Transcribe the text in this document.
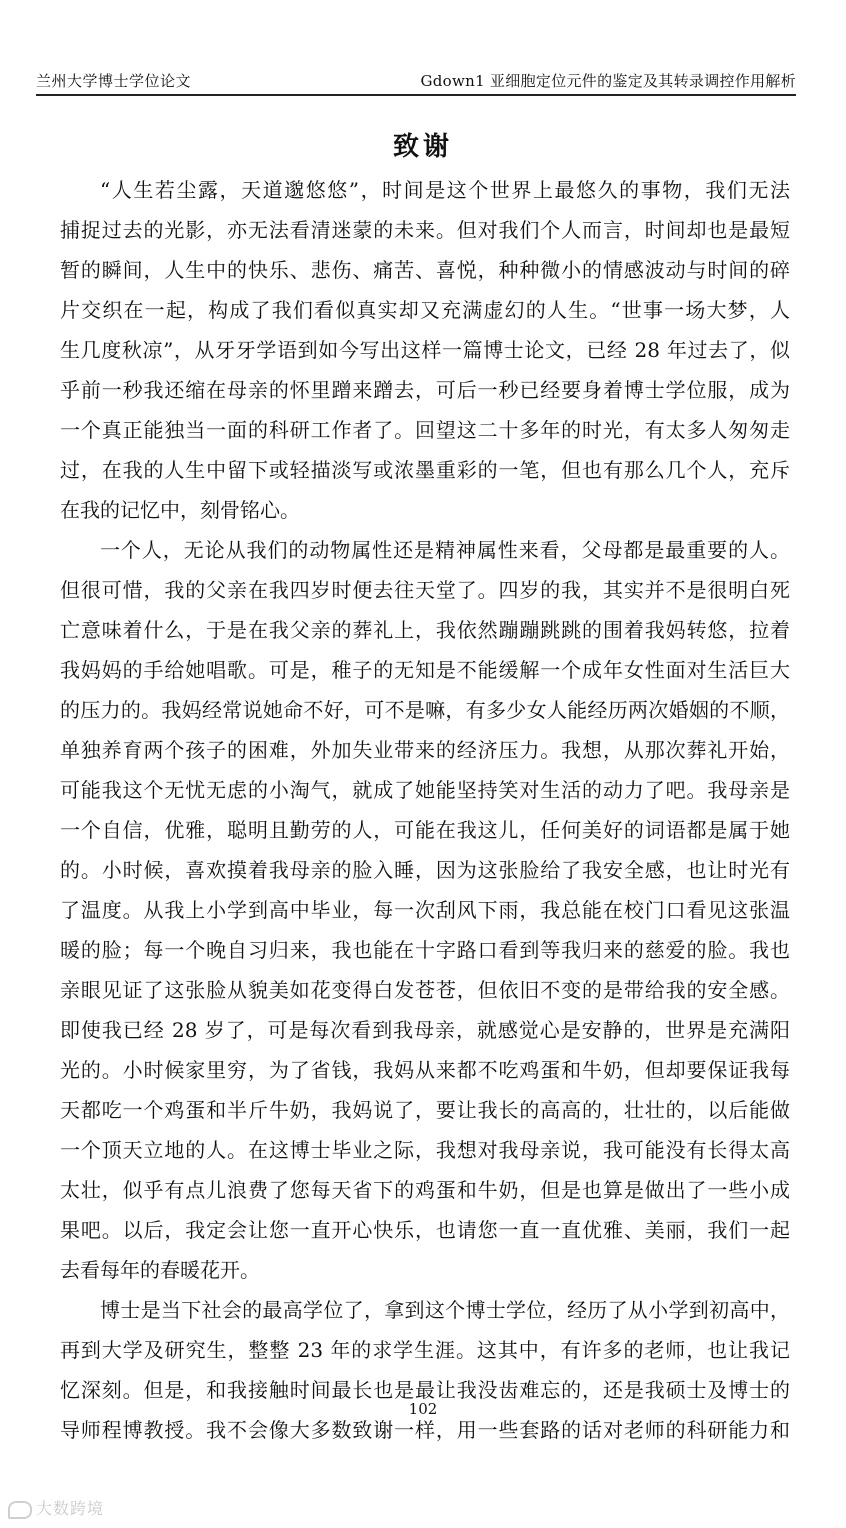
兰州大学博士学位论文	Gdown1 亚细胞定位元件的鉴定及其转录调控作用解析
致谢
“人生若尘露，天道邈悠悠”，时间是这个世界上最悠久的事物，我们无法
捕捉过去的光影，亦无法看清迷蒙的未来。但对我们个人而言，时间却也是最短
暂的瞬间，人生中的快乐、悲伤、痛苦、喜悦，种种微小的情感波动与时间的碎
片交织在一起，构成了我们看似真实却又充满虚幻的人生。“世事一场大梦，人
生几度秋凉”，从牙牙学语到如今写出这样一篇博士论文，已经 28 年过去了，似
乎前一秒我还缩在母亲的怀里蹭来蹭去，可后一秒已经要身着博士学位服，成为
一个真正能独当一面的科研工作者了。回望这二十多年的时光，有太多人匆匆走
过，在我的人生中留下或轻描淡写或浓墨重彩的一笔，但也有那么几个人，充斥
在我的记忆中，刻骨铭心。
一个人，无论从我们的动物属性还是精神属性来看，父母都是最重要的人。
但很可惜，我的父亲在我四岁时便去往天堂了。四岁的我，其实并不是很明白死
亡意味着什么，于是在我父亲的葬礼上，我依然蹦蹦跳跳的围着我妈转悠，拉着
我妈妈的手给她唱歌。可是，稚子的无知是不能缓解一个成年女性面对生活巨大
的压力的。我妈经常说她命不好，可不是嘛，有多少女人能经历两次婚姻的不顺，
单独养育两个孩子的困难，外加失业带来的经济压力。我想，从那次葬礼开始，
可能我这个无忧无虑的小淘气，就成了她能坚持笑对生活的动力了吧。我母亲是
一个自信，优雅，聪明且勤劳的人，可能在我这儿，任何美好的词语都是属于她
的。小时候，喜欢摸着我母亲的脸入睡，因为这张脸给了我安全感，也让时光有
了温度。从我上小学到高中毕业，每一次刮风下雨，我总能在校门口看见这张温
暖的脸；每一个晚自习归来，我也能在十字路口看到等我归来的慈爱的脸。我也
亲眼见证了这张脸从貌美如花变得白发苍苍，但依旧不变的是带给我的安全感。
即使我已经 28 岁了，可是每次看到我母亲，就感觉心是安静的，世界是充满阳
光的。小时候家里穷，为了省钱，我妈从来都不吃鸡蛋和牛奶，但却要保证我每
天都吃一个鸡蛋和半斤牛奶，我妈说了，要让我长的高高的，壮壮的，以后能做
一个顶天立地的人。在这博士毕业之际，我想对我母亲说，我可能没有长得太高
太壮，似乎有点儿浪费了您每天省下的鸡蛋和牛奶，但是也算是做出了一些小成
果吧。以后，我定会让您一直开心快乐，也请您一直一直优雅、美丽，我们一起
去看每年的春暖花开。
博士是当下社会的最高学位了，拿到这个博士学位，经历了从小学到初高中，
再到大学及研究生，整整 23 年的求学生涯。这其中，有许多的老师，也让我记
忆深刻。但是，和我接触时间最长也是最让我没齿难忘的，还是我硕士及博士的
导师程博教授。我不会像大多数致谢一样，用一些套路的话对老师的科研能力和
102
大数跨境
